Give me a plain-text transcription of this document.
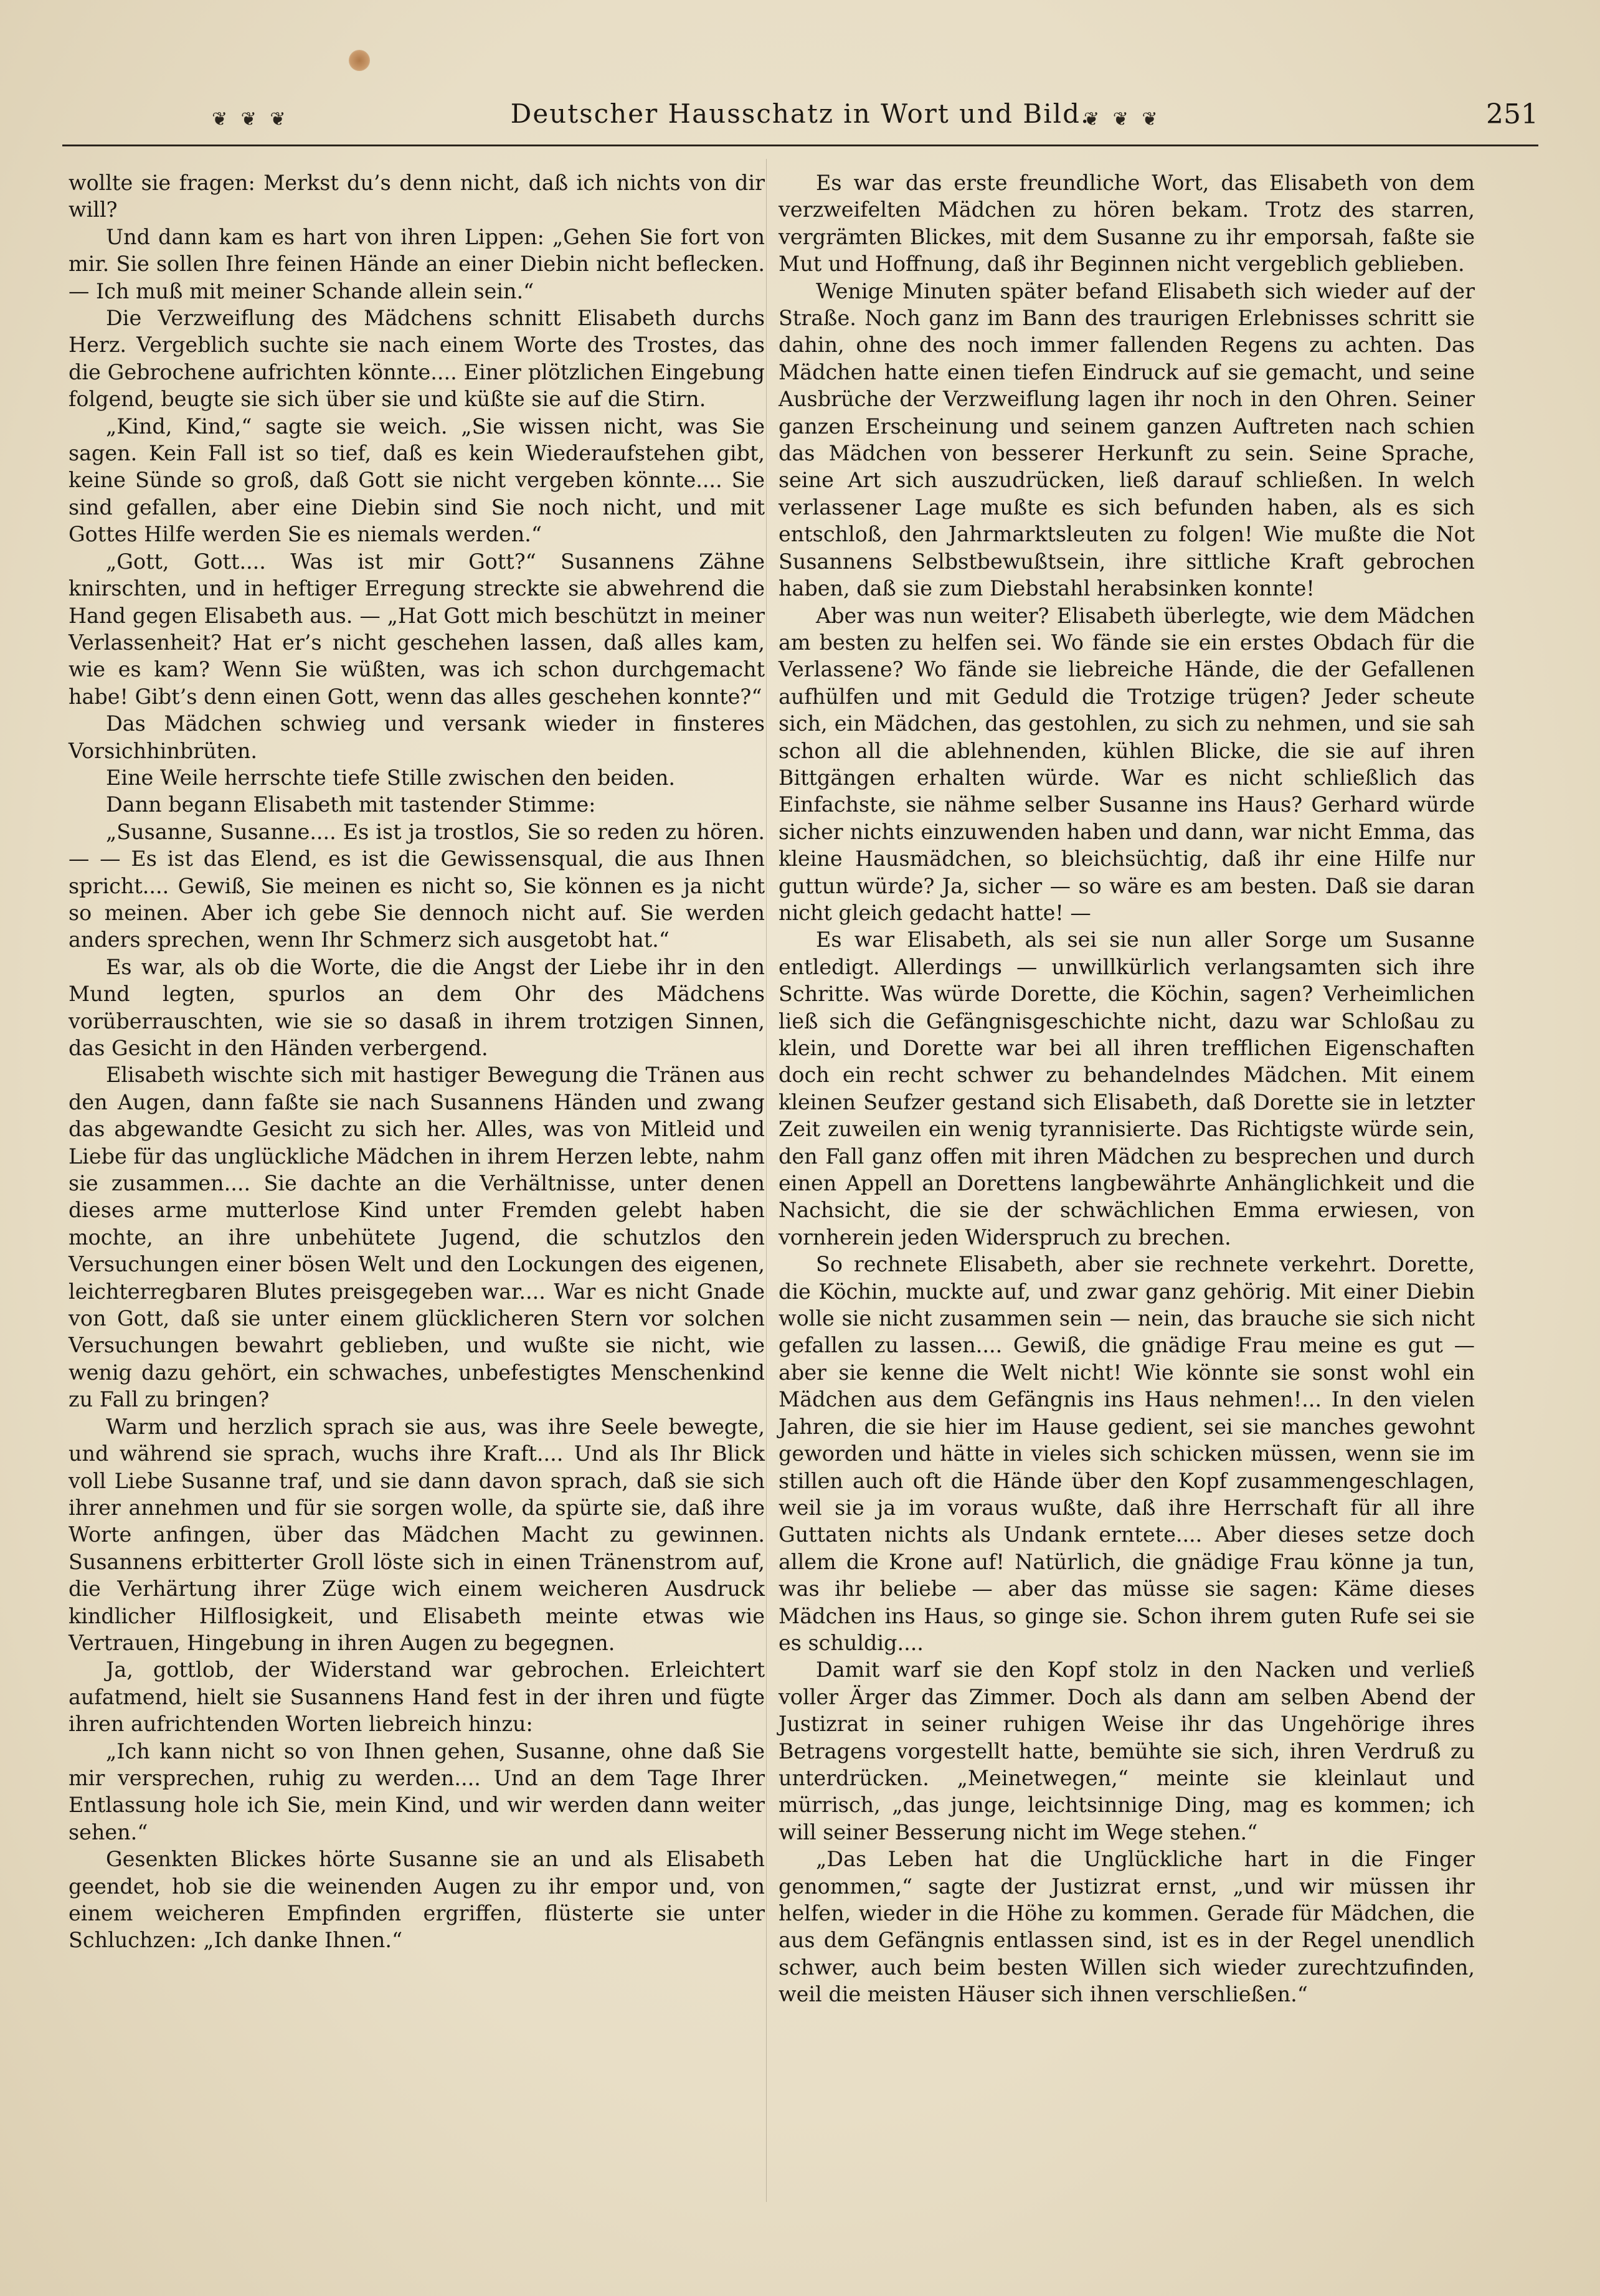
❦ ❦ ❦	Deutscher Hausschatz in Wort und Bild.
❦ ❦ ❦	251

wollte sie fragen: Merkst du’s denn nicht, daß ich nichts von dir will?

Und dann kam es hart von ihren Lippen: „Gehen Sie fort von mir. Sie sollen Ihre feinen Hände an einer Diebin nicht beflecken. — Ich muß mit meiner Schande allein sein.“

Die Verzweiflung des Mädchens schnitt Elisabeth durchs Herz. Vergeblich suchte sie nach einem Worte des Trostes, das die Gebrochene aufrichten könnte.... Einer plötzlichen Eingebung folgend, beugte sie sich über sie und küßte sie auf die Stirn.

„Kind, Kind,“ sagte sie weich. „Sie wissen nicht, was Sie sagen. Kein Fall ist so tief, daß es kein Wiederaufstehen gibt, keine Sünde so groß, daß Gott sie nicht vergeben könnte.... Sie sind gefallen, aber eine Diebin sind Sie noch nicht, und mit Gottes Hilfe werden Sie es niemals werden.“

„Gott, Gott.... Was ist mir Gott?“ Susannens Zähne knirschten, und in heftiger Erregung streckte sie abwehrend die Hand gegen Elisabeth aus. — „Hat Gott mich beschützt in meiner Verlassenheit? Hat er’s nicht geschehen lassen, daß alles kam, wie es kam? Wenn Sie wüßten, was ich schon durchgemacht habe! Gibt’s denn einen Gott, wenn das alles geschehen konnte?“

Das Mädchen schwieg und versank wieder in finsteres Vorsichhinbrüten.

Eine Weile herrschte tiefe Stille zwischen den beiden.

Dann begann Elisabeth mit tastender Stimme:

„Susanne, Susanne.... Es ist ja trostlos, Sie so reden zu hören. — — Es ist das Elend, es ist die Gewissensqual, die aus Ihnen spricht.... Gewiß, Sie meinen es nicht so, Sie können es ja nicht so meinen. Aber ich gebe Sie dennoch nicht auf. Sie werden anders sprechen, wenn Ihr Schmerz sich ausgetobt hat.“

Es war, als ob die Worte, die die Angst der Liebe ihr in den Mund legten, spurlos an dem Ohr des Mädchens vorüberrauschten, wie sie so dasaß in ihrem trotzigen Sinnen, das Gesicht in den Händen verbergend.

Elisabeth wischte sich mit hastiger Bewegung die Tränen aus den Augen, dann faßte sie nach Susannens Händen und zwang das abgewandte Gesicht zu sich her. Alles, was von Mitleid und Liebe für das unglückliche Mädchen in ihrem Herzen lebte, nahm sie zusammen.... Sie dachte an die Verhältnisse, unter denen dieses arme mutterlose Kind unter Fremden gelebt haben mochte, an ihre unbehütete Jugend, die schutzlos den Versuchungen einer bösen Welt und den Lockungen des eigenen, leichterregbaren Blutes preisgegeben war.... War es nicht Gnade von Gott, daß sie unter einem glücklicheren Stern vor solchen Versuchungen bewahrt geblieben, und wußte sie nicht, wie wenig dazu gehört, ein schwaches, unbefestigtes Menschenkind zu Fall zu bringen?

Warm und herzlich sprach sie aus, was ihre Seele bewegte, und während sie sprach, wuchs ihre Kraft.... Und als Ihr Blick voll Liebe Susanne traf, und sie dann davon sprach, daß sie sich ihrer annehmen und für sie sorgen wolle, da spürte sie, daß ihre Worte anfingen, über das Mädchen Macht zu gewinnen. Susannens erbitterter Groll löste sich in einen Tränenstrom auf, die Verhärtung ihrer Züge wich einem weicheren Ausdruck kindlicher Hilflosigkeit, und Elisabeth meinte etwas wie Vertrauen, Hingebung in ihren Augen zu begegnen.

Ja, gottlob, der Widerstand war gebrochen. Erleichtert aufatmend, hielt sie Susannens Hand fest in der ihren und fügte ihren aufrichtenden Worten liebreich hinzu:

„Ich kann nicht so von Ihnen gehen, Susanne, ohne daß Sie mir versprechen, ruhig zu werden.... Und an dem Tage Ihrer Entlassung hole ich Sie, mein Kind, und wir werden dann weiter sehen.“

Gesenkten Blickes hörte Susanne sie an und als Elisabeth geendet, hob sie die weinenden Augen zu ihr empor und, von einem weicheren Empfinden ergriffen, flüsterte sie unter Schluchzen: „Ich danke Ihnen.“

Es war das erste freundliche Wort, das Elisabeth von dem verzweifelten Mädchen zu hören bekam. Trotz des starren, vergrämten Blickes, mit dem Susanne zu ihr emporsah, faßte sie Mut und Hoffnung, daß ihr Beginnen nicht vergeblich geblieben.

Wenige Minuten später befand Elisabeth sich wieder auf der Straße. Noch ganz im Bann des traurigen Erlebnisses schritt sie dahin, ohne des noch immer fallenden Regens zu achten. Das Mädchen hatte einen tiefen Eindruck auf sie gemacht, und seine Ausbrüche der Verzweiflung lagen ihr noch in den Ohren. Seiner ganzen Erscheinung und seinem ganzen Auftreten nach schien das Mädchen von besserer Herkunft zu sein. Seine Sprache, seine Art sich auszudrücken, ließ darauf schließen. In welch verlassener Lage mußte es sich befunden haben, als es sich entschloß, den Jahrmarktsleuten zu folgen! Wie mußte die Not Susannens Selbstbewußtsein, ihre sittliche Kraft gebrochen haben, daß sie zum Diebstahl herabsinken konnte!

Aber was nun weiter? Elisabeth überlegte, wie dem Mädchen am besten zu helfen sei. Wo fände sie ein erstes Obdach für die Verlassene? Wo fände sie liebreiche Hände, die der Gefallenen aufhülfen und mit Geduld die Trotzige trügen? Jeder scheute sich, ein Mädchen, das gestohlen, zu sich zu nehmen, und sie sah schon all die ablehnenden, kühlen Blicke, die sie auf ihren Bittgängen erhalten würde. War es nicht schließlich das Einfachste, sie nähme selber Susanne ins Haus? Gerhard würde sicher nichts einzuwenden haben und dann, war nicht Emma, das kleine Hausmädchen, so bleichsüchtig, daß ihr eine Hilfe nur guttun würde? Ja, sicher — so wäre es am besten. Daß sie daran nicht gleich gedacht hatte! —

Es war Elisabeth, als sei sie nun aller Sorge um Susanne entledigt. Allerdings — unwillkürlich verlangsamten sich ihre Schritte. Was würde Dorette, die Köchin, sagen? Verheimlichen ließ sich die Gefängnisgeschichte nicht, dazu war Schloßau zu klein, und Dorette war bei all ihren trefflichen Eigenschaften doch ein recht schwer zu behandelndes Mädchen. Mit einem kleinen Seufzer gestand sich Elisabeth, daß Dorette sie in letzter Zeit zuweilen ein wenig tyrannisierte. Das Richtigste würde sein, den Fall ganz offen mit ihren Mädchen zu besprechen und durch einen Appell an Dorettens langbewährte Anhänglichkeit und die Nachsicht, die sie der schwächlichen Emma erwiesen, von vornherein jeden Widerspruch zu brechen.

So rechnete Elisabeth, aber sie rechnete verkehrt. Dorette, die Köchin, muckte auf, und zwar ganz gehörig. Mit einer Diebin wolle sie nicht zusammen sein — nein, das brauche sie sich nicht gefallen zu lassen.... Gewiß, die gnädige Frau meine es gut — aber sie kenne die Welt nicht! Wie könnte sie sonst wohl ein Mädchen aus dem Gefängnis ins Haus nehmen!... In den vielen Jahren, die sie hier im Hause gedient, sei sie manches gewohnt geworden und hätte in vieles sich schicken müssen, wenn sie im stillen auch oft die Hände über den Kopf zusammengeschlagen, weil sie ja im voraus wußte, daß ihre Herrschaft für all ihre Guttaten nichts als Undank erntete.... Aber dieses setze doch allem die Krone auf! Natürlich, die gnädige Frau könne ja tun, was ihr beliebe — aber das müsse sie sagen: Käme dieses Mädchen ins Haus, so ginge sie. Schon ihrem guten Rufe sei sie es schuldig....

Damit warf sie den Kopf stolz in den Nacken und verließ voller Ärger das Zimmer. Doch als dann am selben Abend der Justizrat in seiner ruhigen Weise ihr das Ungehörige ihres Betragens vorgestellt hatte, bemühte sie sich, ihren Verdruß zu unterdrücken. „Meinetwegen,“ meinte sie kleinlaut und mürrisch, „das junge, leichtsinnige Ding, mag es kommen; ich will seiner Besserung nicht im Wege stehen.“

„Das Leben hat die Unglückliche hart in die Finger genommen,“ sagte der Justizrat ernst, „und wir müssen ihr helfen, wieder in die Höhe zu kommen. Gerade für Mädchen, die aus dem Gefängnis entlassen sind, ist es in der Regel unendlich schwer, auch beim besten Willen sich wieder zurechtzufinden, weil die meisten Häuser sich ihnen verschließen.“
